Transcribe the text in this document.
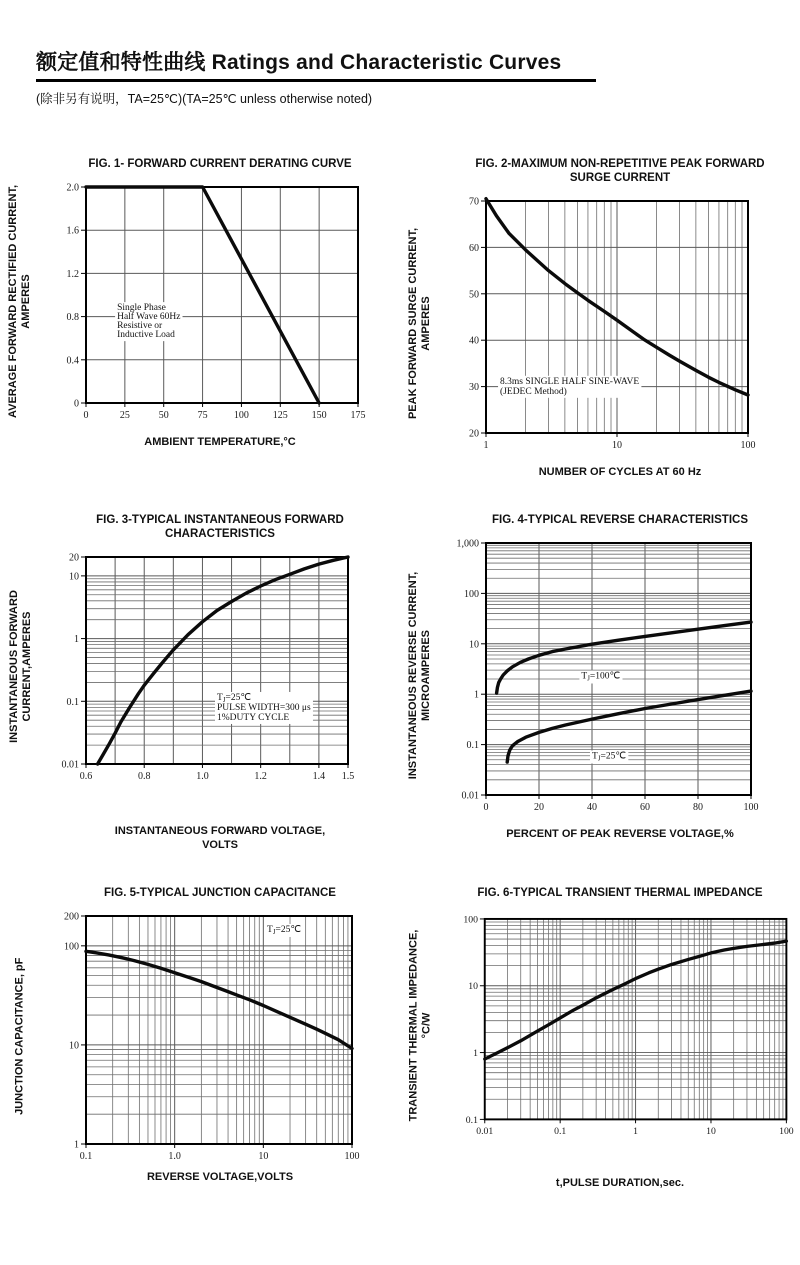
额定值和特性曲线 Ratings and Characteristic Curves
(除非另有说明，TA=25℃)(TA=25℃ unless otherwise noted)
FIG. 1- FORWARD CURRENT DERATING CURVE
AVERAGE FORWARD RECTIFIED CURRENT, AMPERES
0	25	50	75	100 125 150 175
0
0.4
0.8
1.2
1.6
2.0
Single Phase Half Wave 60Hz Resistive or Inductive Load
AMBIENT TEMPERATURE,°C
FIG. 2-MAXIMUM NON-REPETITIVE PEAK FORWARD
SURGE CURRENT
PEAK FORWARD SURGE CURRENT, AMPERES
1	10	100
20
30
40
50
60
70
8.3ms SINGLE HALF SINE-WAVE (JEDEC Method)
NUMBER OF CYCLES AT 60 Hz
FIG. 3-TYPICAL INSTANTANEOUS FORWARD
CHARACTERISTICS
INSTANTANEOUS FORWARD CURRENT,AMPERES
0.6	0.8	1.0	1.2	1.4 1.5
0.01
0.1
1
10
20
$T_J=25℃$ PULSE WIDTH=300 μs 1%DUTY CYCLE
INSTANTANEOUS FORWARD VOLTAGE,
VOLTS
FIG. 4-TYPICAL REVERSE CHARACTERISTICS
INSTANTANEOUS REVERSE CURRENT, MICROAMPERES
0	20	40	60	80	100
0.01
0.1
1
10
100
1,000
$T_J=100℃$
$T_J=25℃$
PERCENT OF PEAK REVERSE VOLTAGE,%
FIG. 5-TYPICAL JUNCTION CAPACITANCE
JUNCTION CAPACITANCE, pF
0.1	1.0	10	100
1
10
100
200
$T_J=25℃$
REVERSE VOLTAGE,VOLTS
FIG. 6-TYPICAL TRANSIENT THERMAL IMPEDANCE
TRANSIENT THERMAL IMPEDANCE, °C/W
0.01	0.1	1	10	100
0.1
1
10
100
t,PULSE DURATION,sec.
